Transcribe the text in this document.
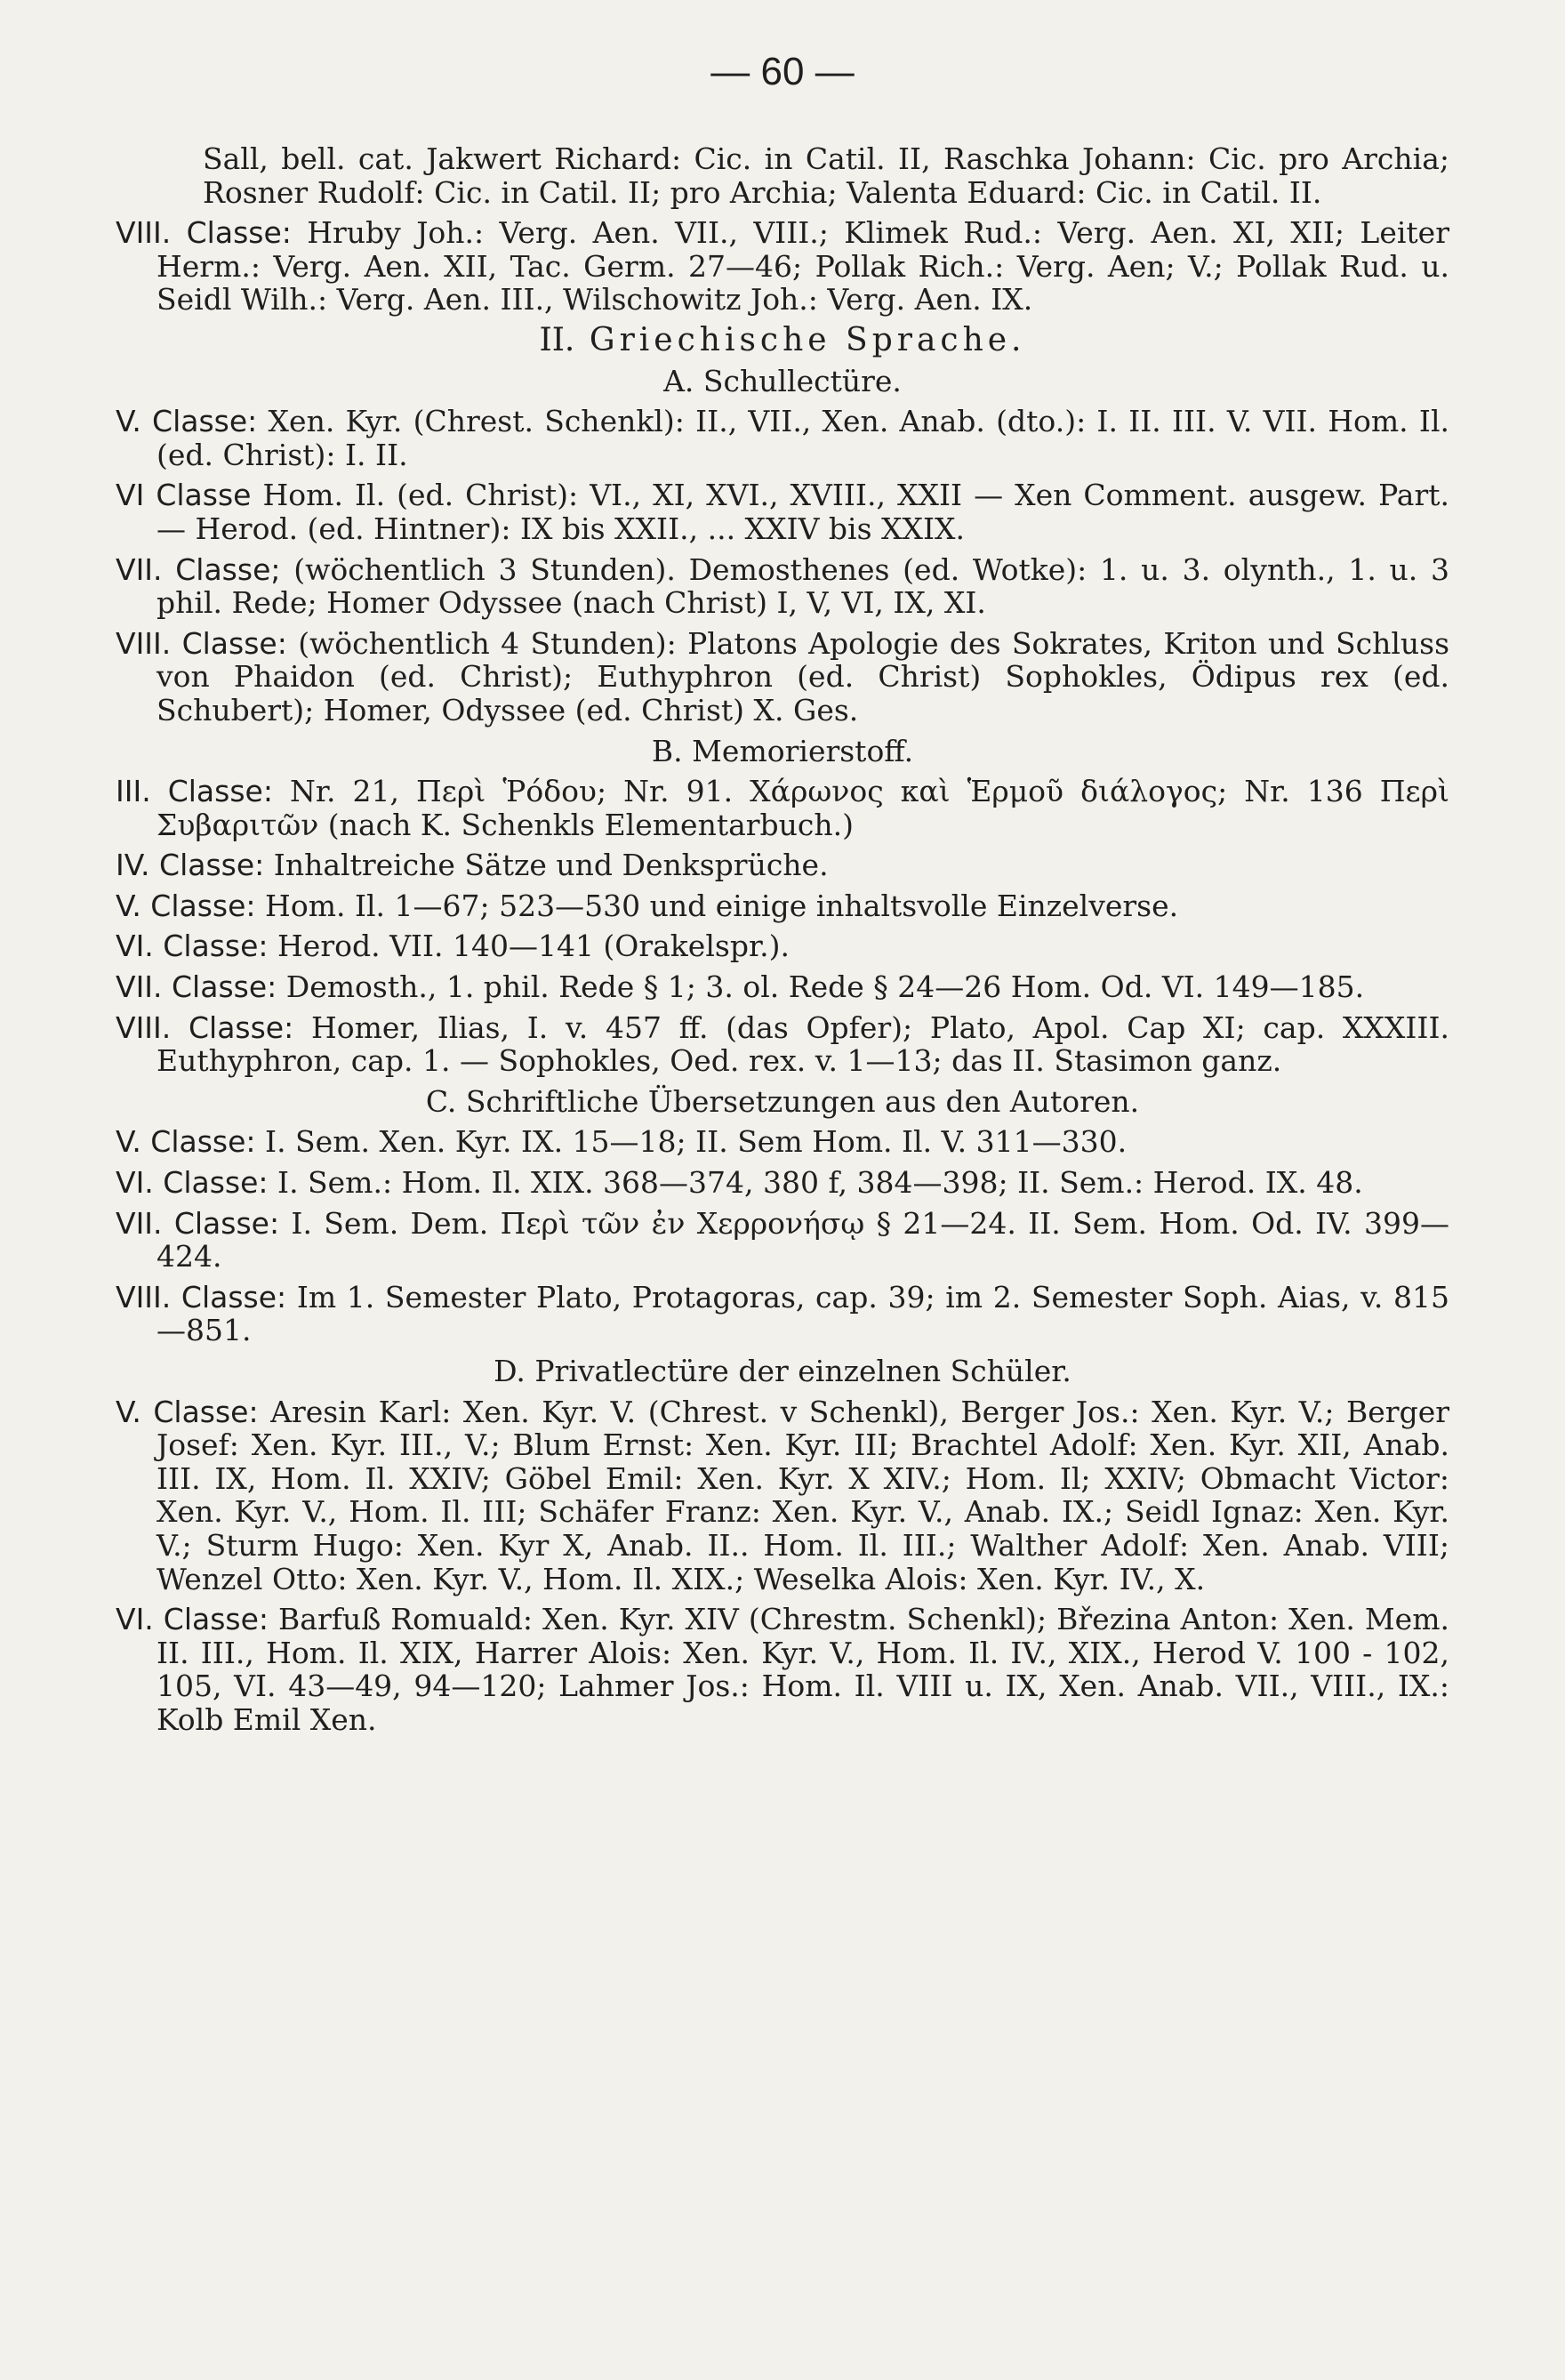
— 60 —

Sall, bell. cat. Jakwert Richard: Cic. in Catil. II, Raschka Johann: Cic. pro Archia; Rosner Rudolf: Cic. in Catil. II; pro Archia; Valenta Eduard: Cic. in Catil. II.

VIII. Classe: Hruby Joh.: Verg. Aen. VII., VIII.; Klimek Rud.: Verg. Aen. XI, XII; Leiter Herm.: Verg. Aen. XII, Tac. Germ. 27—46; Pollak Rich.: Verg. Aen; V.; Pollak Rud. u. Seidl Wilh.: Verg. Aen. III., Wilschowitz Joh.: Verg. Aen. IX.

II. Griechische Sprache.
A. Schullectüre.

V. Classe: Xen. Kyr. (Chrest. Schenkl): II., VII., Xen. Anab. (dto.): I. II. III. V. VII. Hom. Il. (ed. Christ): I. II.

VI Classe Hom. Il. (ed. Christ): VI., XI, XVI., XVIII., XXII — Xen Comment. ausgew. Part. — Herod. (ed. Hintner): IX bis XXII., ... XXIV bis XXIX.

VII. Classe; (wöchentlich 3 Stunden). Demosthenes (ed. Wotke): 1. u. 3. olynth., 1. u. 3 phil. Rede; Homer Odyssee (nach Christ) I, V, VI, IX, XI.

VIII. Classe: (wöchentlich 4 Stunden): Platons Apologie des Sokrates, Kriton und Schluss von Phaidon (ed. Christ); Euthyphron (ed. Christ) Sophokles, Ödipus rex (ed. Schubert); Homer, Odyssee (ed. Christ) X. Ges.

B. Memorierstoff.

III. Classe: Nr. 21, Περὶ Ῥόδου; Nr. 91. Χάρωνος καὶ Ἑρμοῦ διάλογος; Nr. 136 Περὶ Συβαριτῶν (nach K. Schenkls Elementarbuch.)

IV. Classe: Inhaltreiche Sätze und Denksprüche.

V. Classe: Hom. Il. 1—67; 523—530 und einige inhaltsvolle Einzelverse.

VI. Classe: Herod. VII. 140—141 (Orakelspr.).

VII. Classe: Demosth., 1. phil. Rede § 1; 3. ol. Rede § 24—26 Hom. Od. VI. 149—185.

VIII. Classe: Homer, Ilias, I. v. 457 ff. (das Opfer); Plato, Apol. Cap XI; cap. XXXIII. Euthyphron, cap. 1. — Sophokles, Oed. rex. v. 1—13; das II. Stasimon ganz.

C. Schriftliche Übersetzungen aus den Autoren.

V. Classe: I. Sem. Xen. Kyr. IX. 15—18; II. Sem Hom. Il. V. 311—330.

VI. Classe: I. Sem.: Hom. Il. XIX. 368—374, 380 f, 384—398; II. Sem.: Herod. IX. 48.

VII. Classe: I. Sem. Dem. Περὶ τῶν ἐν Χερρονήσῳ § 21—24. II. Sem. Hom. Od. IV. 399—424.

VIII. Classe: Im 1. Semester Plato, Protagoras, cap. 39; im 2. Semester Soph. Aias, v. 815—851.

D. Privatlectüre der einzelnen Schüler.

V. Classe: Aresin Karl: Xen. Kyr. V. (Chrest. v Schenkl), Berger Jos.: Xen. Kyr. V.; Berger Josef: Xen. Kyr. III., V.; Blum Ernst: Xen. Kyr. III; Brachtel Adolf: Xen. Kyr. XII, Anab. III. IX, Hom. Il. XXIV; Göbel Emil: Xen. Kyr. X XIV.; Hom. Il; XXIV; Obmacht Victor: Xen. Kyr. V., Hom. Il. III; Schäfer Franz: Xen. Kyr. V., Anab. IX.; Seidl Ignaz: Xen. Kyr. V.; Sturm Hugo: Xen. Kyr X, Anab. II.. Hom. Il. III.; Walther Adolf: Xen. Anab. VIII; Wenzel Otto: Xen. Kyr. V., Hom. Il. XIX.; Weselka Alois: Xen. Kyr. IV., X.

VI. Classe: Barfuß Romuald: Xen. Kyr. XIV (Chrestm. Schenkl); Březina Anton: Xen. Mem. II. III., Hom. Il. XIX, Harrer Alois: Xen. Kyr. V., Hom. Il. IV., XIX., Herod V. 100 - 102, 105, VI. 43—49, 94—120; Lahmer Jos.: Hom. Il. VIII u. IX, Xen. Anab. VII., VIII., IX.: Kolb Emil Xen.
